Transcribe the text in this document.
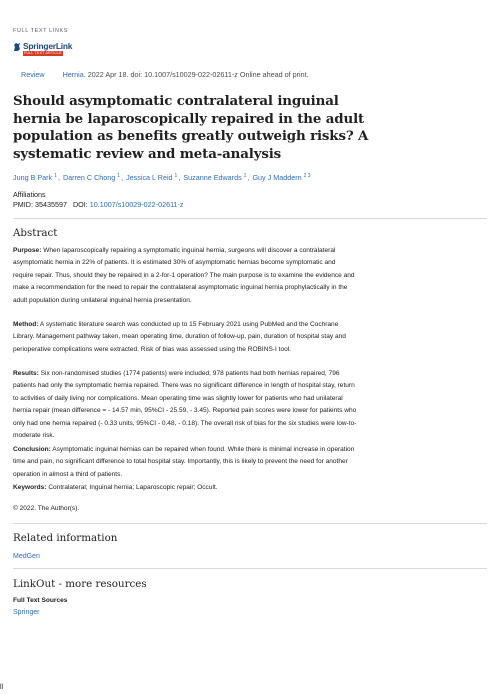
FULL TEXT LINKS
SpringerLink
FULL TEXT ARTICLE
Review	Hernia. 2022 Apr 18. doi: 10.1007/s10029-022-02611-z Online ahead of print.
Should asymptomatic contralateral inguinal hernia be laparoscopically repaired in the adult population as benefits greatly outweigh risks? A systematic review and meta-analysis
Jung B Park $^1$, Darren C Chong $^1$, Jessica L Reid $^1$, Suzanne Edwards $^1$, Guy J Maddern $^{2 3}$
Affiliations
PMID: 35435597 DOI: 10.1007/s10029-022-02611-z
Abstract

Purpose: When laparoscopically repairing a symptomatic inguinal hernia, surgeons will discover a contralateral asymptomatic hernia in 22% of patients. It is estimated 30% of asymptomatic hernias become symptomatic and require repair. Thus, should they be repaired in a 2-for-1 operation? The main purpose is to examine the evidence and make a recommendation for the need to repair the contralateral asymptomatic inguinal hernia prophylactically in the adult population during unilateral inguinal hernia presentation.

Method: A systematic literature search was conducted up to 15 February 2021 using PubMed and the Cochrane Library. Management pathway taken, mean operating time, duration of follow-up, pain, duration of hospital stay and perioperative complications were extracted. Risk of bias was assessed using the ROBINS-I tool.

Results: Six non-randomised studies (1774 patients) were included; 978 patients had both hernias repaired, 796 patients had only the symptomatic hernia repaired. There was no significant difference in length of hospital stay, return to activities of daily living nor complications. Mean operating time was slightly lower for patients who had unilateral hernia repair (mean difference = - 14.57 min, 95%CI - 25.59, - 3.45). Reported pain scores were lower for patients who only had one hernia repaired (- 0.33 units, 95%CI - 0.48, - 0.18). The overall risk of bias for the six studies were low-to-moderate risk.

Conclusion: Asymptomatic inguinal hernias can be repaired when found. While there is minimal increase in operation time and pain, no significant difference to total hospital stay. Importantly, this is likely to prevent the need for another operation in almost a third of patients.

Keywords: Contralateral; Inguinal hernia; Laparoscopic repair; Occult.

© 2022. The Author(s).
Related information
MedGen
LinkOut - more resources
Full Text Sources
Springer
ll
